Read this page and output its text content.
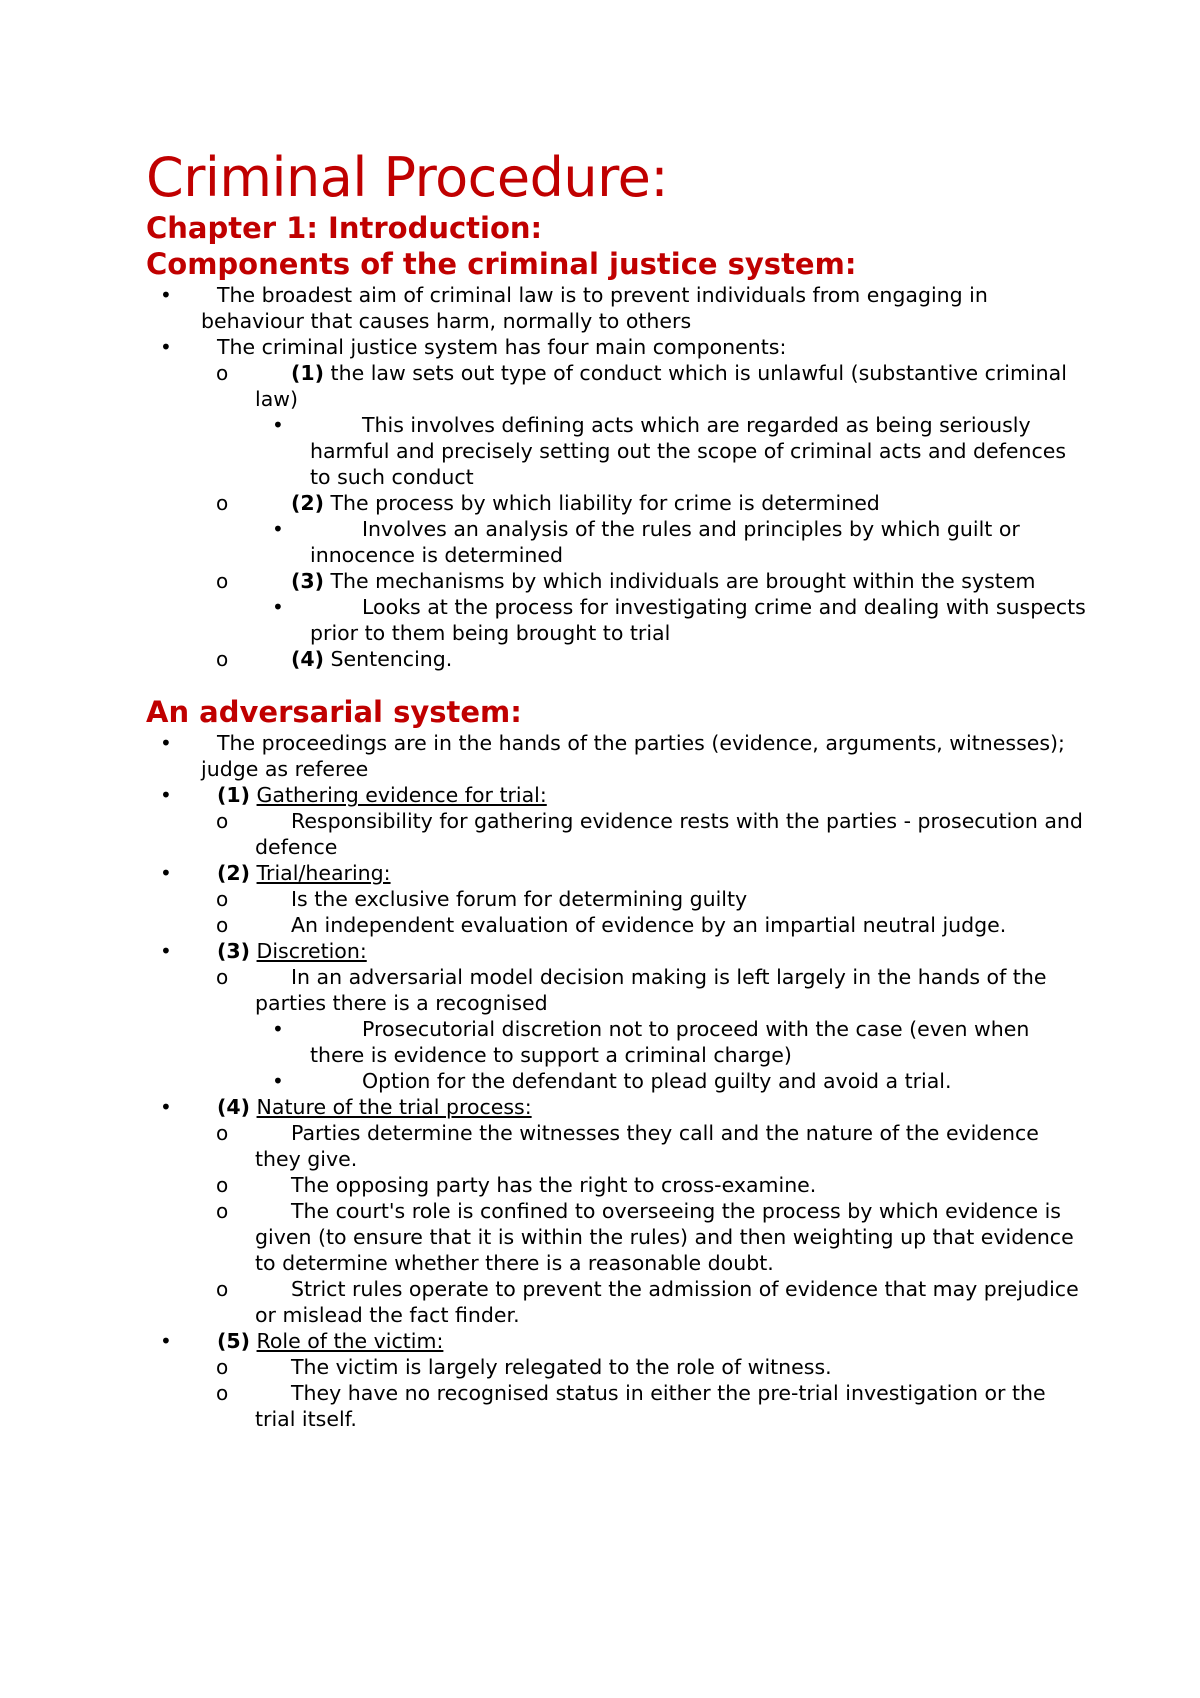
Criminal Procedure:
Chapter 1: Introduction:
Components of the criminal justice system:
• The broadest aim of criminal law is to prevent individuals from engaging in behaviour that causes harm, normally to others
• The criminal justice system has four main components:
o	(1) the law sets out type of conduct which is unlawful (substantive criminal law)
•	This involves defining acts which are regarded as being seriously harmful and precisely setting out the scope of criminal acts and defences to such conduct
o	(2) The process by which liability for crime is determined
•	Involves an analysis of the rules and principles by which guilt or innocence is determined
o	(3) The mechanisms by which individuals are brought within the system
•	Looks at the process for investigating crime and dealing with suspects prior to them being brought to trial
o	(4) Sentencing.
An adversarial system:
• The proceedings are in the hands of the parties (evidence, arguments, witnesses); judge as referee
• (1) Gathering evidence for trial:
o	Responsibility for gathering evidence rests with the parties - prosecution and defence
• (2) Trial/hearing:
o	Is the exclusive forum for determining guilty
o	An independent evaluation of evidence by an impartial neutral judge.
• (3) Discretion:
o	In an adversarial model decision making is left largely in the hands of the parties there is a recognised
•	Prosecutorial discretion not to proceed with the case (even when there is evidence to support a criminal charge)
•	Option for the defendant to plead guilty and avoid a trial.
• (4) Nature of the trial process:
o	Parties determine the witnesses they call and the nature of the evidence they give.
o	The opposing party has the right to cross-examine.
o	The court's role is confined to overseeing the process by which evidence is given (to ensure that it is within the rules) and then weighting up that evidence to determine whether there is a reasonable doubt.
o	Strict rules operate to prevent the admission of evidence that may prejudice or mislead the fact finder.
• (5) Role of the victim:
o	The victim is largely relegated to the role of witness.
o	They have no recognised status in either the pre-trial investigation or the trial itself.
